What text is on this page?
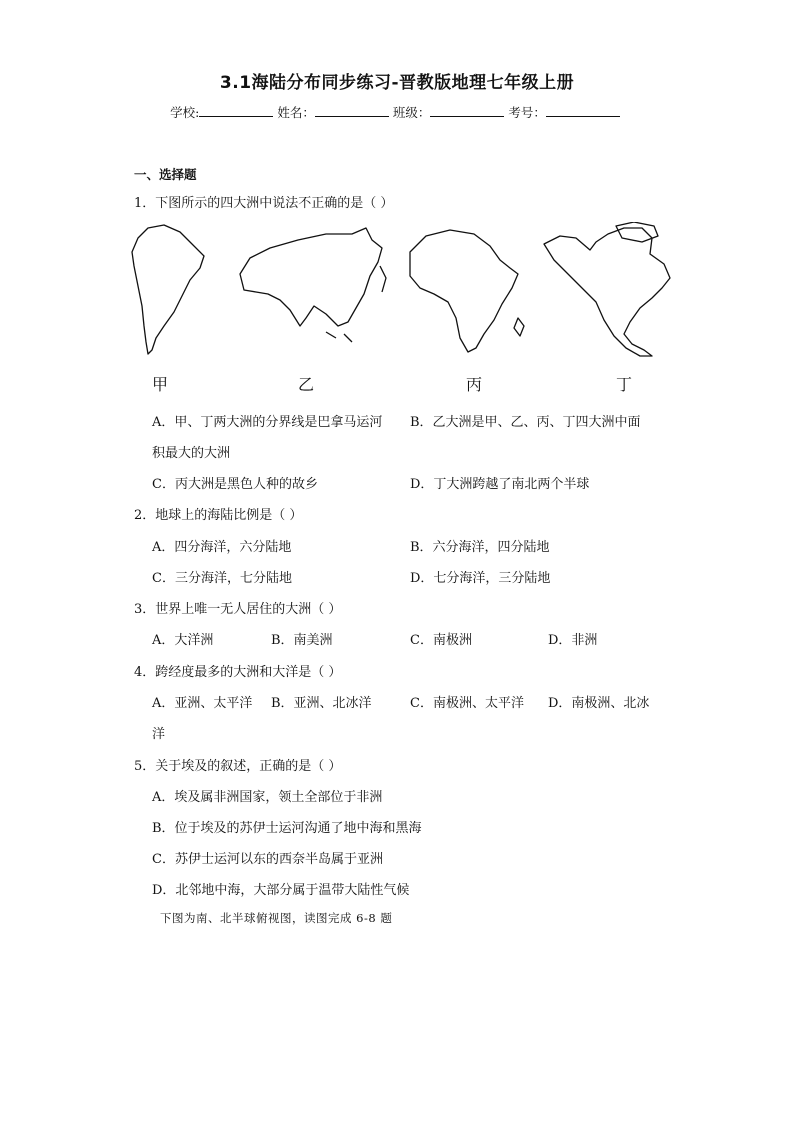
3.1海陆分布同步练习-晋教版地理七年级上册
学校:	姓名：	班级：	考号：
一、选择题
1．下图所示的四大洲中说法不正确的是（ ）
甲	乙	丙	丁
A．甲、丁两大洲的分界线是巴拿马运河 B．乙大洲是甲、乙、丙、丁四大洲中面
积最大的大洲
C．丙大洲是黑色人种的故乡	D．丁大洲跨越了南北两个半球
2．地球上的海陆比例是（ ）
A．四分海洋，六分陆地	B．六分海洋，四分陆地
C．三分海洋，七分陆地	D．七分海洋，三分陆地
3．世界上唯一无人居住的大洲（ ）
A．大洋洲	B．南美洲	C．南极洲	D．非洲
4．跨经度最多的大洲和大洋是（ ）
A．亚洲、太平洋 B．亚洲、北冰洋	C．南极洲、太平洋 D．南极洲、北冰
洋
5．关于埃及的叙述，正确的是（ ）
A．埃及属非洲国家，领土全部位于非洲
B．位于埃及的苏伊士运河沟通了地中海和黑海
C．苏伊士运河以东的西奈半岛属于亚洲
D．北邻地中海，大部分属于温带大陆性气候
下图为南、北半球俯视图，读图完成 6-8 题
